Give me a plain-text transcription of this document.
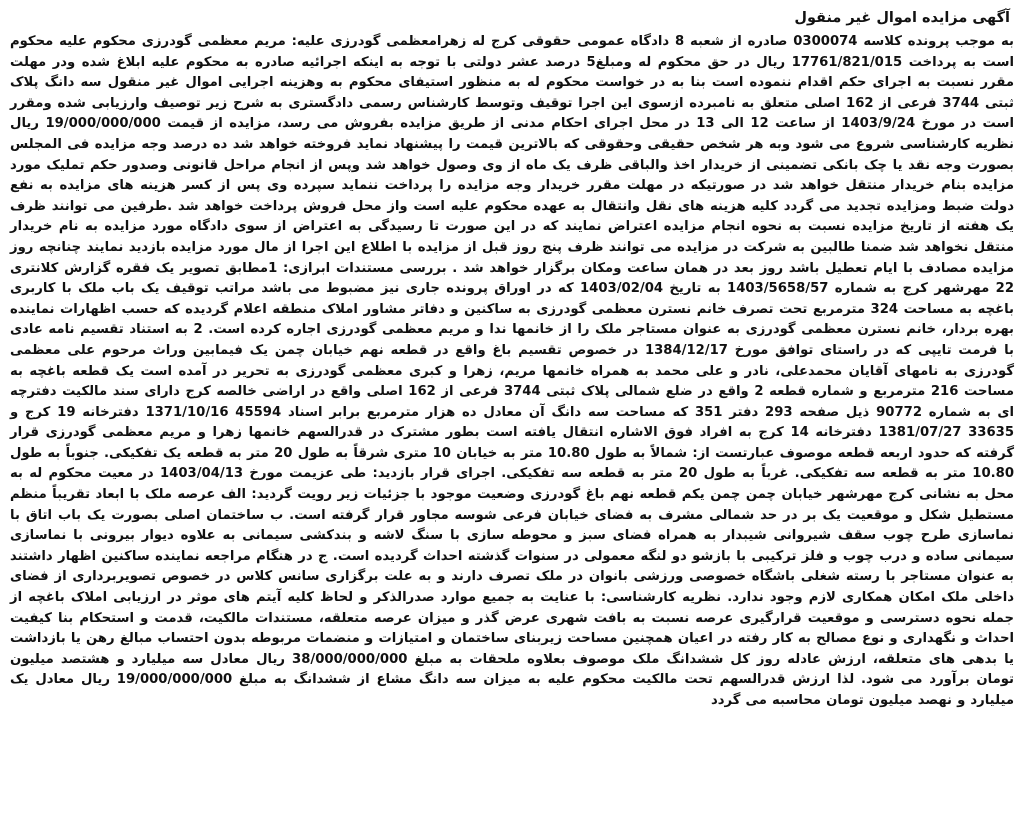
آگهی مزایده اموال غیر منقول
به موجب پرونده کلاسه 0300074 صادره از شعبه 8 دادگاه عمومی حقوقی کرج له زهرامعظمی گودرزی علیه: مریم معظمی گودرزی محکوم علیه محکوم است به پرداخت 17761/821/015 ریال در حق محکوم له ومبلغ5 درصد عشر دولتی با توجه به اینکه اجرائیه صادره به محکوم علیه ابلاغ شده ودر مهلت مقرر نسبت به اجرای حکم اقدام ننموده است بنا به در خواست محکوم له به منظور استیفای محکوم به وهزینه اجرایی اموال غیر منقول سه دانگ پلاک ثبتی 3744 فرعی از 162 اصلی متعلق به نامبرده ازسوی این اجرا توقیف وتوسط کارشناس رسمی دادگستری به شرح زیر توصیف وارزیابی شده ومقرر است در مورخ 1403/9/24 از ساعت 12 الی 13 در محل اجرای احکام مدنی از طریق مزایده بفروش می رسد، مزایده از قیمت 19/000/000/000 ریال نظریه کارشناسی شروع می شود وبه هر شخص حقیقی وحقوقی که بالاترین قیمت را پیشنهاد نماید فروخته خواهد شد ده درصد وجه مزایده فی المجلس بصورت وجه نقد یا چک بانکی تضمینی از خریدار اخذ والباقی ظرف یک ماه از وی وصول خواهد شد وپس از انجام مراحل قانونی وصدور حکم تملیک مورد مزایده بنام خریدار منتقل خواهد شد در صورتیکه در مهلت مقرر خریدار وجه مزایده را پرداخت ننماید سپرده وی پس از کسر هزینه های مزایده به نفع دولت ضبط ومزایده تجدید می گردد کلیه هزینه های نقل وانتقال به عهده محکوم علیه است واز محل فروش پرداخت خواهد شد .طرفین می توانند ظرف یک هفته از تاریخ مزایده نسبت به نحوه انجام مزایده اعتراض نمایند که در این صورت تا رسیدگی به اعتراض از سوی دادگاه مورد مزایده به نام خریدار منتقل نخواهد شد ضمنا طالبین به شرکت در مزایده می توانند ظرف پنج روز قبل از مزایده با اطلاع این اجرا از مال مورد مزایده بازدید نمایند چنانچه روز مزایده مصادف با ایام تعطیل باشد روز بعد در همان ساعت ومکان برگزار خواهد شد . بررسی مستندات ابرازی: 1مطابق تصویر یک فقره گزارش کلانتری 22 مهرشهر کرج به شماره 1403/5658/57 به تاریخ 1403/02/04 که در اوراق پرونده جاری نیز مضبوط می باشد مراتب توقیف یک باب ملک با کاربری باغچه به مساحت 324 مترمربع تحت تصرف خانم نسترن معظمی گودرزی به ساکنین و دفاتر مشاور املاک منطقه اعلام گردیده که حسب اظهارات نماینده بهره بردار، خانم نسترن معظمی گودرزی به عنوان مستاجر ملک را از خانمها ندا و مریم معظمی گودرزی اجاره کرده است. 2 به استناد تقسیم نامه عادی با فرمت تایپی که در راستای توافق مورخ 1384/12/17 در خصوص تقسیم باغ واقع در قطعه نهم خیابان چمن یک فیمابین وراث مرحوم علی معظمی گودرزی به نامهای آقایان محمدعلی، نادر و علی محمد به همراه خانمها مریم، زهرا و کبری معظمی گودرزی به تحریر در آمده است یک قطعه باغچه به مساحت 216 مترمربع و شماره قطعه 2 واقع در ضلع شمالی پلاک ثبتی 3744 فرعی از 162 اصلی واقع در اراضی خالصه کرج دارای سند مالکیت دفترچه ای به شماره 90772 ذیل صفحه 293 دفتر 351 که مساحت سه دانگ آن معادل ده هزار مترمربع برابر اسناد 45594 1371/10/16 دفترخانه 19 کرج و 33635 1381/07/27 دفترخانه 14 کرج به افراد فوق الاشاره انتقال یافته است بطور مشترک در قدرالسهم خانمها زهرا و مریم معظمی گودرزی قرار گرفته که حدود اربعه قطعه موصوف عبارتست از: شمالاً به طول 10.80 متر به خیابان 10 متری شرقاً به طول 20 متر به قطعه یک تفکیکی. جنوباً به طول 10.80 متر به قطعه سه تفکیکی. غرباً به طول 20 متر به قطعه سه تفکیکی. اجرای قرار بازدید: طی عزیمت مورخ 1403/04/13 در معیت محکوم له به محل به نشانی کرج مهرشهر خیابان چمن چمن یکم قطعه نهم باغ گودرزی وضعیت موجود با جزئیات زیر رویت گردید: الف عرصه ملک با ابعاد تقریباً منظم مستطیل شکل و موقعیت یک بر در حد شمالی مشرف به فضای خیابان فرعی شوسه مجاور قرار گرفته است. ب ساختمان اصلی بصورت یک باب اتاق با نماسازی طرح چوب سقف شیروانی شیبدار به همراه فضای سبز و محوطه سازی با سنگ لاشه و بندکشی سیمانی به علاوه دیوار بیرونی با نماسازی سیمانی ساده و درب چوب و فلز ترکیبی با بازشو دو لنگه معمولی در سنوات گذشته احداث گردیده است. ج در هنگام مراجعه نماینده ساکنین اظهار داشتند به عنوان مستاجر با رسته شغلی باشگاه خصوصی ورزشی بانوان در ملک تصرف دارند و به علت برگزاری سانس کلاس در خصوص تصویربرداری از فضای داخلی ملک امکان همکاری لازم وجود ندارد. نظریه کارشناسی: با عنایت به جمیع موارد صدرالذکر و لحاظ کلیه آیتم های موثر در ارزیابی املاک باغچه از جمله نحوه دسترسی و موقعیت قرارگیری عرصه نسبت به بافت شهری عرض گذر و میزان عرصه متعلقه، مستندات مالکیت، قدمت و استحکام بنا کیفیت احداث و نگهداری و نوع مصالح به کار رفته در اعیان همچنین مساحت زیربنای ساختمان و امتیازات و منضمات مربوطه بدون احتساب مبالغ رهن یا بازداشت یا بدهی های متعلقه، ارزش عادله روز کل ششدانگ ملک موصوف بعلاوه ملحقات به مبلغ 38/000/000/000 ریال معادل سه میلیارد و هشتصد میلیون تومان برآورد می شود. لذا ارزش قدرالسهم تحت مالکیت محکوم علیه به میزان سه دانگ مشاع از ششدانگ به مبلغ 19/000/000/000 ریال معادل یک میلیارد و نهصد میلیون تومان محاسبه می گردد
